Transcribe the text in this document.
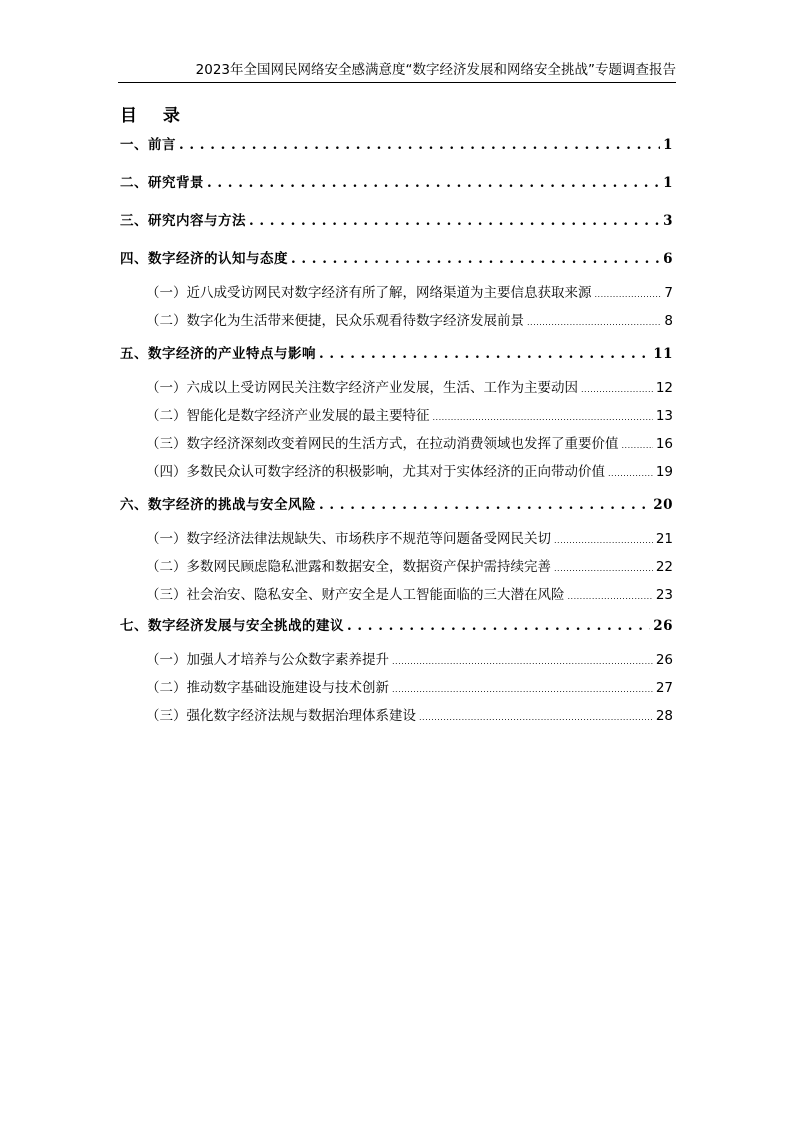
2023年全国网民网络安全感满意度“数字经济发展和网络安全挑战”专题调查报告
目 录
一、前言 . . .	1
二、研究背景 . . .	1
三、研究内容与方法 . . .	3
四、数字经济的认知与态度 . . .	6
（一）近八成受访网民对数字经济有所了解，网络渠道为主要信息获取来源 .....	7
（二）数字化为生活带来便捷，民众乐观看待数字经济发展前景 .....	8
五、数字经济的产业特点与影响 . . .	11
（一）六成以上受访网民关注数字经济产业发展，生活、工作为主要动因 .....	12
（二）智能化是数字经济产业发展的最主要特征 .....	13
（三）数字经济深刻改变着网民的生活方式，在拉动消费领域也发挥了重要价值 .....	16
（四）多数民众认可数字经济的积极影响，尤其对于实体经济的正向带动价值 .....	19
六、数字经济的挑战与安全风险 . . .	20
（一）数字经济法律法规缺失、市场秩序不规范等问题备受网民关切 .....	21
（二）多数网民顾虑隐私泄露和数据安全，数据资产保护需持续完善 .....	22
（三）社会治安、隐私安全、财产安全是人工智能面临的三大潜在风险 .....	23
七、数字经济发展与安全挑战的建议 . . .	26
（一）加强人才培养与公众数字素养提升 .....	26
（二）推动数字基础设施建设与技术创新 .....	27
（三）强化数字经济法规与数据治理体系建设 .....	28
